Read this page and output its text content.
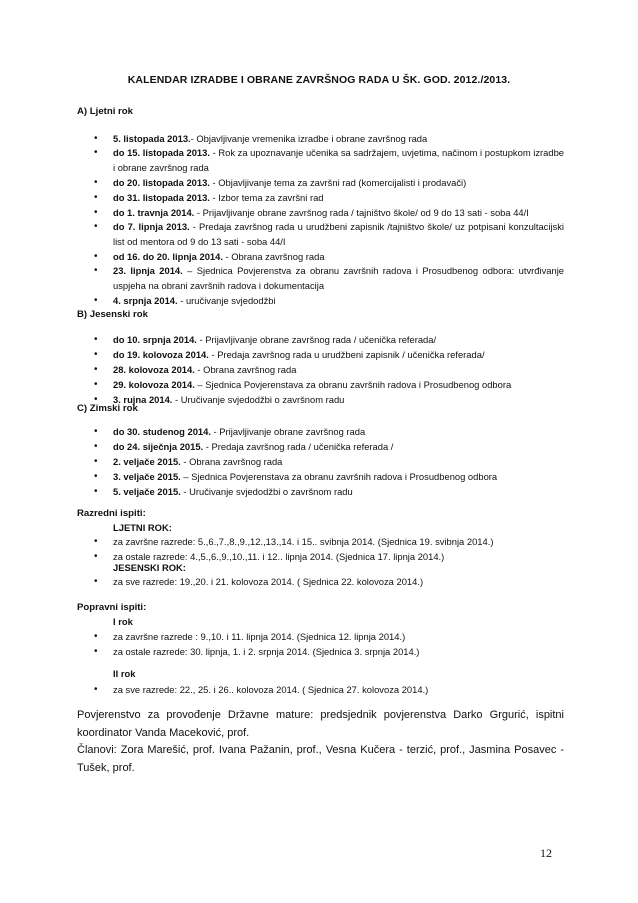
KALENDAR IZRADBE I OBRANE ZAVRŠNOG RADA U ŠK. GOD. 2012./2013.
A) Ljetni rok
• 5. listopada 2013.- Objavljivanje vremenika izradbe i obrane završnog rada
• do 15. listopada 2013. - Rok za upoznavanje učenika sa sadržajem, uvjetima, načinom i postupkom izradbe i obrane završnog rada
• do 20. listopada 2013. - Objavljivanje tema za završni rad (komercijalisti i prodavači)
• do 31. listopada 2013. - Izbor tema za završni rad
• do 1. travnja 2014. - Prijavljivanje obrane završnog rada / tajništvo škole/ od 9 do 13 sati - soba 44/I
• do 7. lipnja 2013. - Predaja završnog rada u urudžbeni zapisnik /tajništvo škole/ uz potpisani konzultacijski list od mentora od 9 do 13 sati - soba 44/I
• od 16. do 20. lipnja 2014. - Obrana završnog rada
• 23. lipnja 2014. – Sjednica Povjerenstva za obranu završnih radova i Prosudbenog odbora: utvrđivanje uspjeha na obrani završnih radova i dokumentacija
• 4. srpnja 2014. - uručivanje svjedodžbi
B) Jesenski rok
• do 10. srpnja 2014. - Prijavljivanje obrane završnog rada / učenička referada/
• do 19. kolovoza 2014. - Predaja završnog rada u urudžbeni zapisnik / učenička referada/
• 28. kolovoza 2014. - Obrana završnog rada
• 29. kolovoza 2014. – Sjednica Povjerenstava za obranu završnih radova i Prosudbenog odbora
• 3. rujna 2014. - Uručivanje svjedodžbi o završnom radu
C) Zimski rok
• do 30. studenog 2014. - Prijavljivanje obrane završnog rada
• do 24. siječnja 2015. - Predaja završnog rada / učenička referada /
• 2. veljače 2015. - Obrana završnog rada
• 3. veljače 2015. – Sjednica Povjerenstava za obranu završnih radova i Prosudbenog odbora
• 5. veljače 2015. - Uručivanje svjedodžbi o završnom radu
Razredni ispiti:
LJETNI ROK:
• za završne razrede: 5.,6.,7.,8.,9.,12.,13.,14. i 15.. svibnja 2014. (Sjednica 19. svibnja 2014.)
• za ostale razrede: 4.,5.,6.,9.,10.,11. i 12.. lipnja 2014. (Sjednica 17. lipnja 2014.)
JESENSKI ROK:
• za sve razrede: 19.,20. i 21. kolovoza 2014. ( Sjednica 22. kolovoza 2014.)
Popravni ispiti:
I rok
• za završne razrede : 9.,10. i 11. lipnja 2014. (Sjednica 12. lipnja 2014.)
• za ostale razrede: 30. lipnja, 1. i 2. srpnja 2014. (Sjednica 3. srpnja 2014.)
II rok
• za sve razrede: 22., 25. i 26.. kolovoza 2014. ( Sjednica 27. kolovoza 2014.)
Povjerenstvo za provođenje Državne mature: predsjednik povjerenstva Darko Grgurić, ispitni koordinator Vanda Maceković, prof.
Članovi: Zora Marešić, prof. Ivana Pažanin, prof., Vesna Kučera - terzić, prof., Jasmina Posavec - Tušek, prof.
12
